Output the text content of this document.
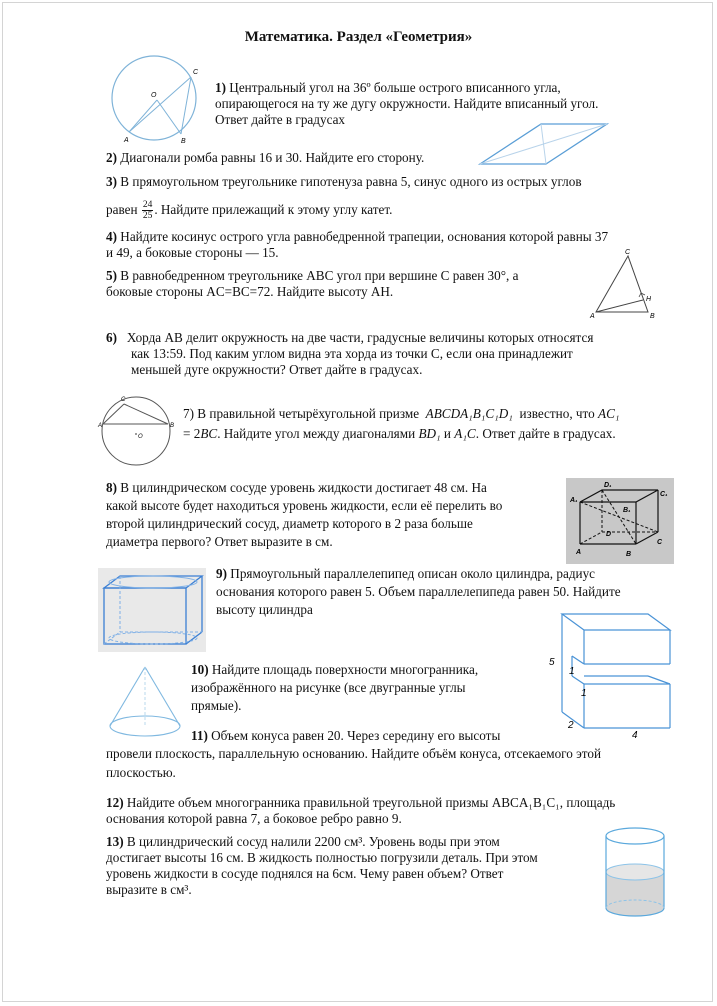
Математика. Раздел «Геометрия»
O
A	B
C
1) Центральный угол на 36º больше острого вписанного угла,
опирающегося на ту же дугу окружности. Найдите вписанный угол.
Ответ дайте в градусах
2) Диагонали ромба равны 16 и 30. Найдите его сторону.
3) В прямоугольном треугольнике гипотенуза равна 5, синус одного из острых углов
равен $\frac{24}{25}$ . Найдите прилежащий к этому углу катет.
4) Найдите косинус острого угла равнобедренной трапеции, основания которой равны 37
и 49, а боковые стороны — 15.	C
A	B
H
5) В равнобедренном треугольнике ABC угол при вершине C равен 30°, а
боковые стороны AC=BC=72. Найдите высоту AH.
6) Хорда AB делит окружность на две части, градусные величины которых относятся
как 13:59. Под каким углом видна эта хорда из точки C, если она принадлежит
меньшей дуге окружности? Ответ дайте в градусах.
A	B
C
O
7) В правильной четырёхугольной призме ABCDA₁B₁C₁D₁ известно, что AC₁
= 2BC. Найдите угол между диагоналями BD₁ и A₁C. Ответ дайте в градусах.
8) В цилиндрическом сосуде уровень жидкости достигает 48 см. На
какой высоте будет находиться уровень жидкости, если её перелить во
второй цилиндрический сосуд, диаметр которого в 2 раза больше
диаметра первого? Ответ выразите в см.
A₁
D₁
C₁
B₁
D
C
A	B
9) Прямоугольный параллелепипед описан около цилиндра, радиус
основания которого равен 5. Объем параллелепипеда равен 50. Найдите
высоту цилиндра
5
1
1
2
4
10) Найдите площадь поверхности многогранника,
изображённого на рисунке (все двугранные углы
прямые).
11) Объем конуса равен 20. Через середину его высоты
провели плоскость, параллельную основанию. Найдите объём конуса, отсекаемого этой
плоскостью.
12) Найдите объем многогранника правильной треугольной призмы ABCA₁B₁C₁, площадь
основания которой равна 7, а боковое ребро равно 9.
13) В цилиндрический сосуд налили 2200 см³. Уровень воды при этом
достигает высоты 16 см. В жидкость полностью погрузили деталь. При этом
уровень жидкости в сосуде поднялся на 6см. Чему равен объем? Ответ
выразите в см³.
